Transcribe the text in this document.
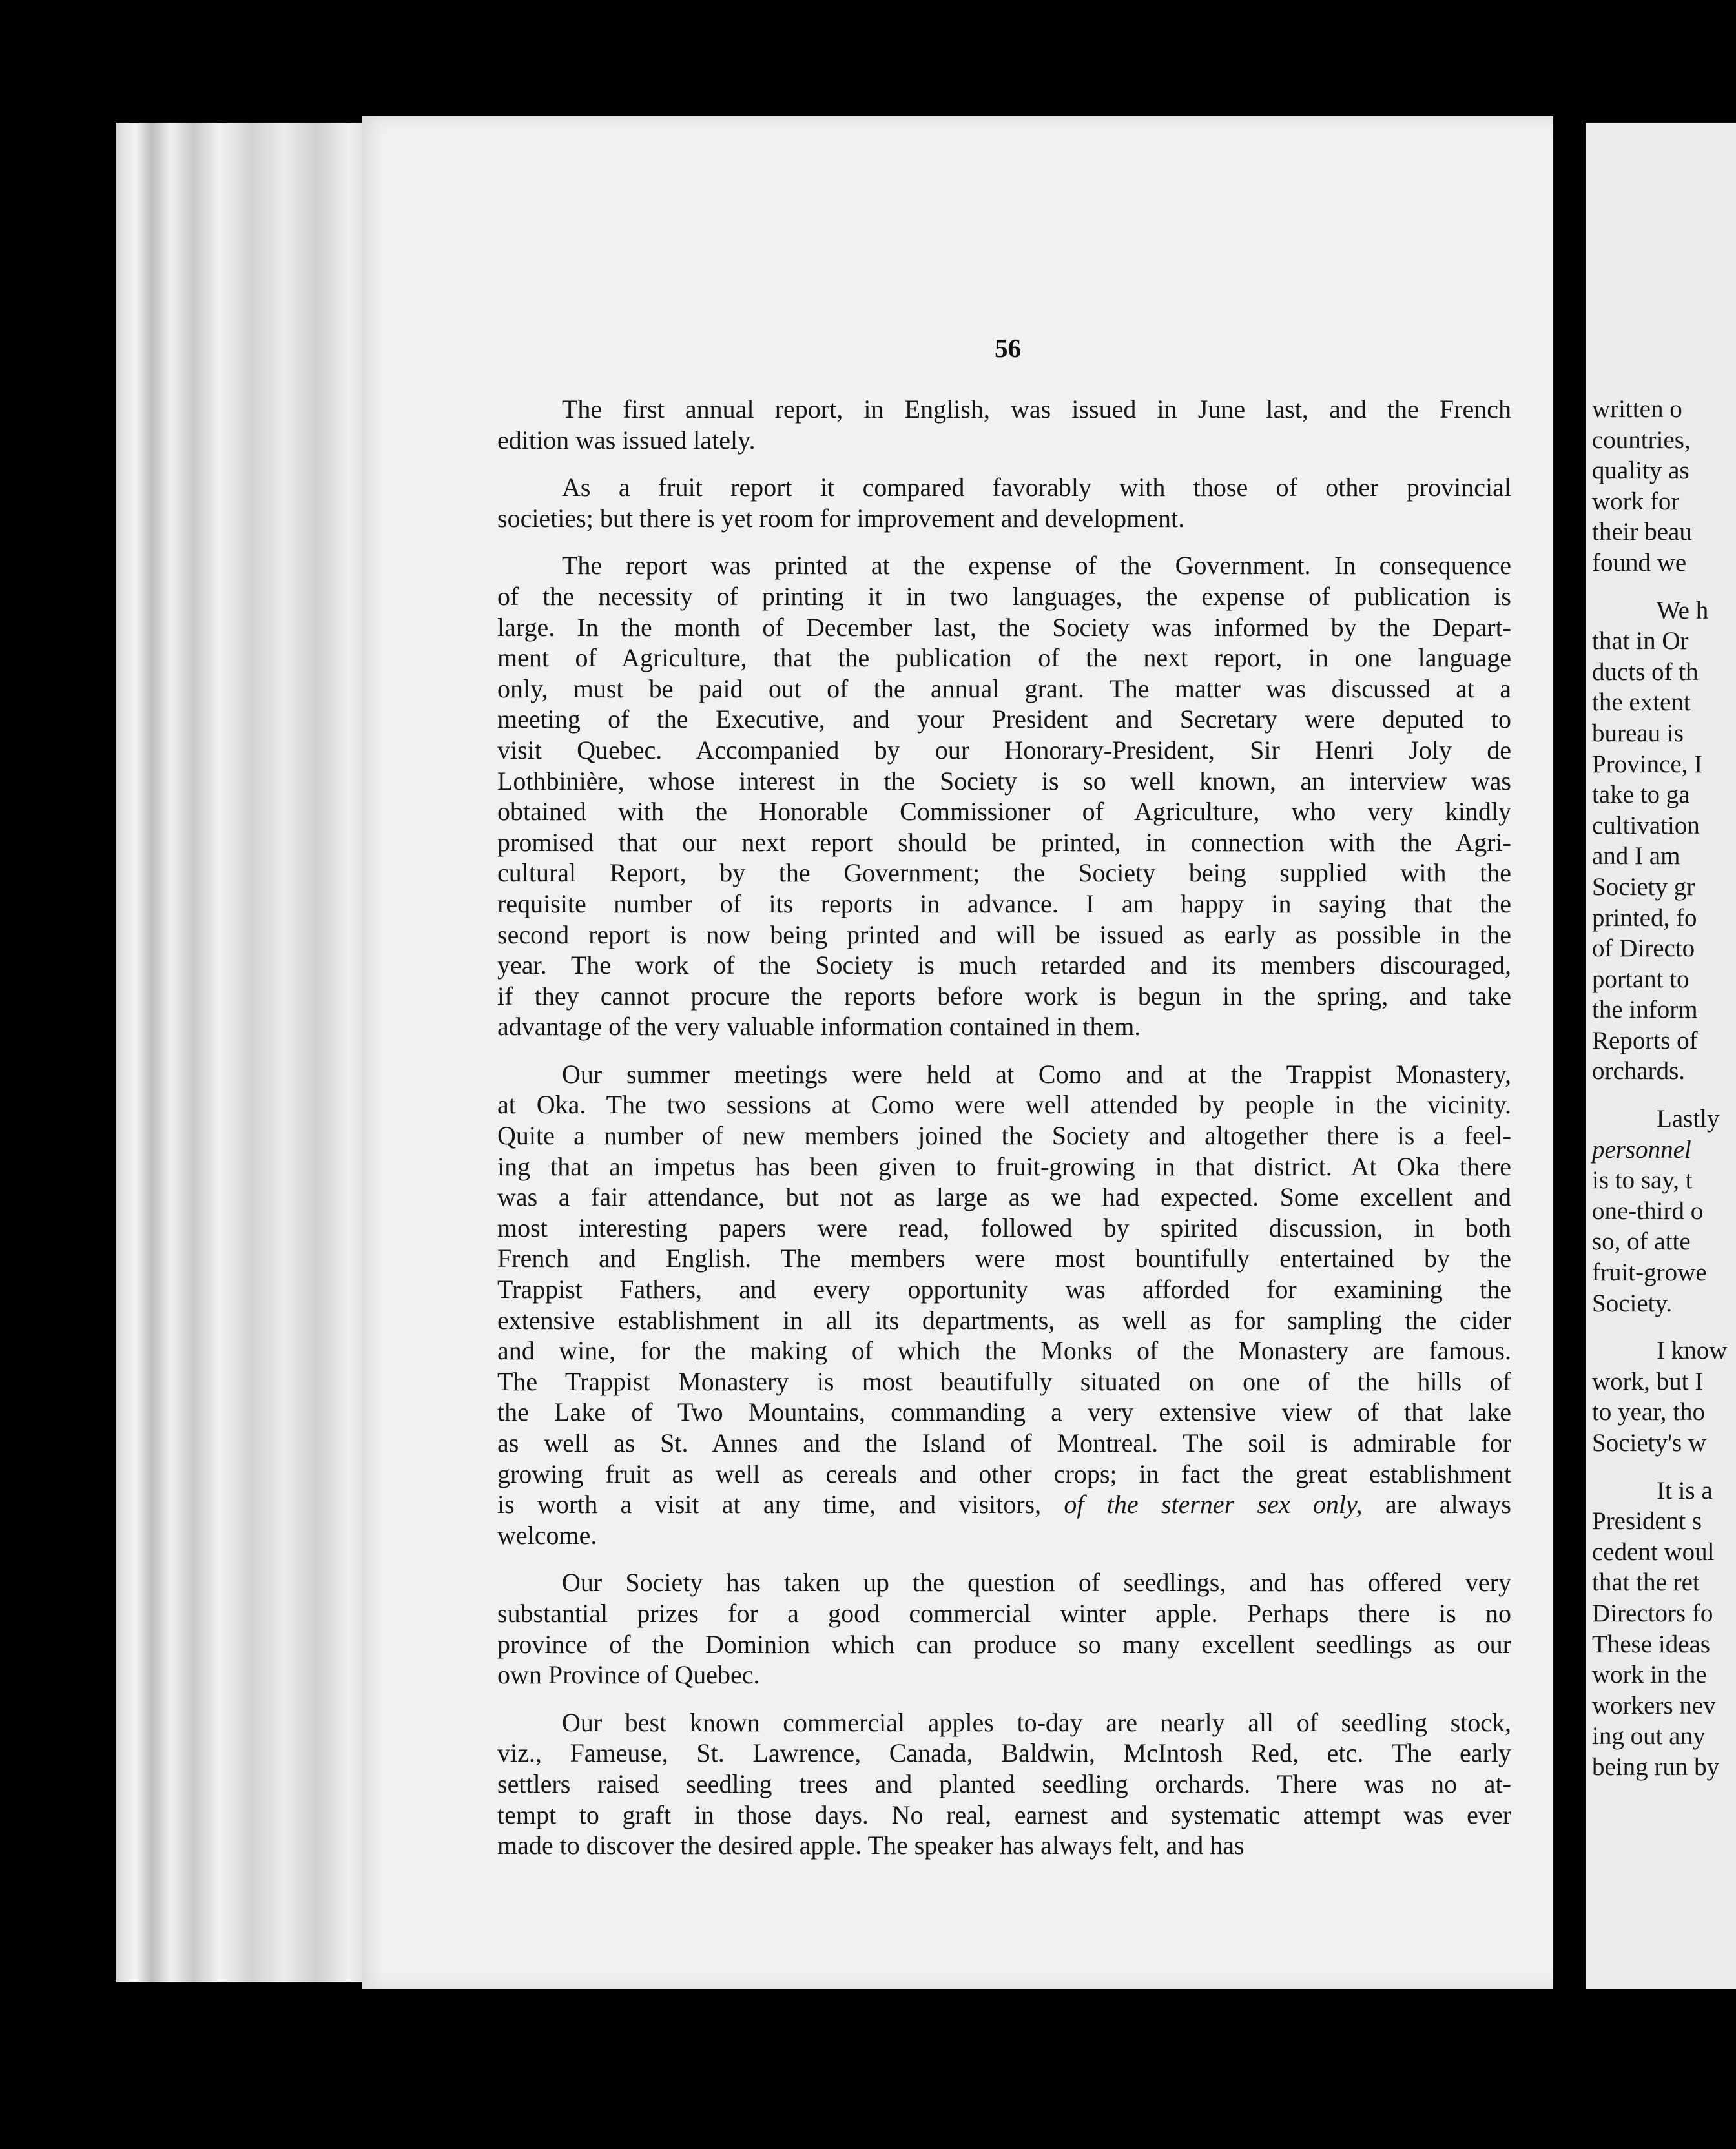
56
The first annual report, in English, was issued in June last, and the French
edition was issued lately.
As a fruit report it compared favorably with those of other provincial
societies; but there is yet room for improvement and development.
The report was printed at the expense of the Government. In consequence
of the necessity of printing it in two languages, the expense of publication is
large. In the month of December last, the Society was informed by the Depart-
ment of Agriculture, that the publication of the next report, in one language
only, must be paid out of the annual grant. The matter was discussed at a
meeting of the Executive, and your President and Secretary were deputed to
visit Quebec. Accompanied by our Honorary-President, Sir Henri Joly de
Lothbinière, whose interest in the Society is so well known, an interview was
obtained with the Honorable Commissioner of Agriculture, who very kindly
promised that our next report should be printed, in connection with the Agri-
cultural Report, by the Government; the Society being supplied with the
requisite number of its reports in advance. I am happy in saying that the
second report is now being printed and will be issued as early as possible in the
year. The work of the Society is much retarded and its members discouraged,
if they cannot procure the reports before work is begun in the spring, and take
advantage of the very valuable information contained in them.
Our summer meetings were held at Como and at the Trappist Monastery,
at Oka. The two sessions at Como were well attended by people in the vicinity.
Quite a number of new members joined the Society and altogether there is a feel-
ing that an impetus has been given to fruit-growing in that district. At Oka there
was a fair attendance, but not as large as we had expected. Some excellent and
most interesting papers were read, followed by spirited discussion, in both
French and English. The members were most bountifully entertained by the
Trappist Fathers, and every opportunity was afforded for examining the
extensive establishment in all its departments, as well as for sampling the cider
and wine, for the making of which the Monks of the Monastery are famous.
The Trappist Monastery is most beautifully situated on one of the hills of
the Lake of Two Mountains, commanding a very extensive view of that lake
as well as St. Annes and the Island of Montreal. The soil is admirable for
growing fruit as well as cereals and other crops; in fact the great establishment
is worth a visit at any time, and visitors, of the sterner sex only, are always
welcome.
Our Society has taken up the question of seedlings, and has offered very
substantial prizes for a good commercial winter apple. Perhaps there is no
province of the Dominion which can produce so many excellent seedlings as our
own Province of Quebec.
Our best known commercial apples to-day are nearly all of seedling stock,
viz., Fameuse, St. Lawrence, Canada, Baldwin, McIntosh Red, etc. The early
settlers raised seedling trees and planted seedling orchards. There was no at-
tempt to graft in those days. No real, earnest and systematic attempt was ever
made to discover the desired apple. The speaker has always felt, and has
written o
countries,
quality as
work for
their beau
found we
We h
that in Or
ducts of th
the extent
bureau is
Province, I
take to ga
cultivation
and I am
Society gr
printed, fo
of Directo
portant to
the inform
Reports of
orchards.
Lastly
personnel
is to say, t
one-third o
so, of atte
fruit-growe
Society.
I know
work, but I
to year, tho
Society's w
It is a
President s
cedent woul
that the ret
Directors fo
These ideas
work in the
workers nev
ing out any
being run by
